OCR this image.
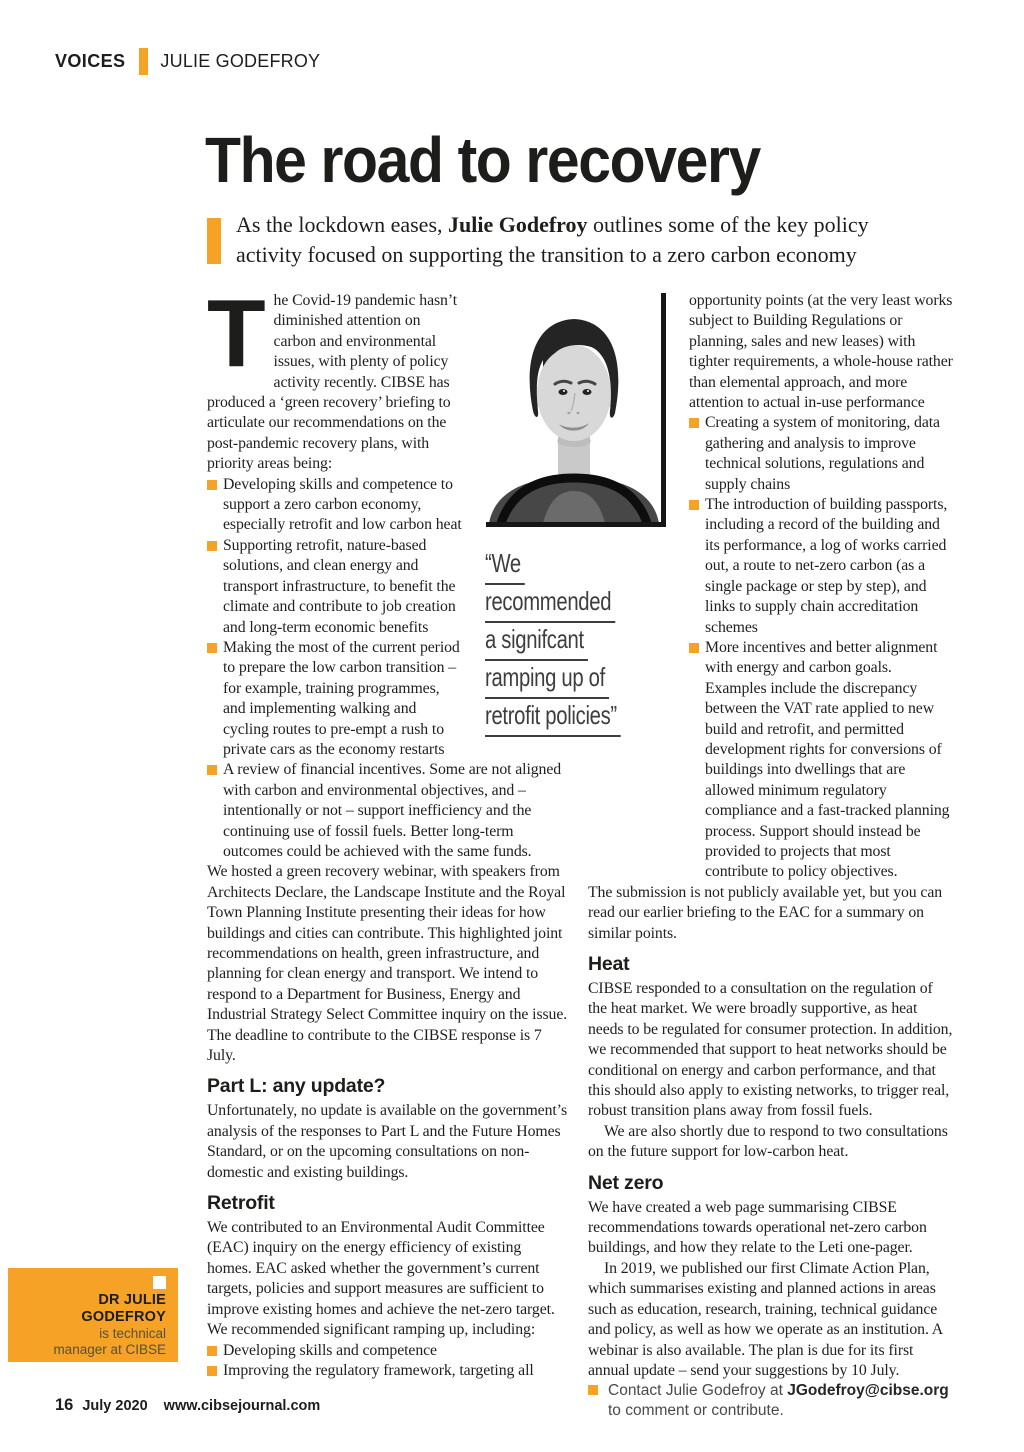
VOICES JULIE GODEFROY
The road to recovery

As the lockdown eases, Julie Godefroy outlines some of the key policy activity focused on supporting the transition to a zero carbon economy

“We
recommended
a signifcant
ramping up of
retrofit policies”

The Covid-19 pandemic hasn’t diminished attention on carbon and environmental issues, with plenty of policy activity recently. CIBSE has produced a ‘green recovery’ briefing to articulate our recommendations on the post-pandemic recovery plans, with priority areas being:

Developing skills and competence to support a zero carbon economy, especially retrofit and low carbon heat
Supporting retrofit, nature-based solutions, and clean energy and transport infrastructure, to benefit the climate and contribute to job creation and long-term economic benefits
Making the most of the current period to prepare the low carbon transition – for example, training programmes, and implementing walking and cycling routes to pre-empt a rush to private cars as the economy restarts
A review of financial incentives. Some are not aligned with carbon and environmental objectives, and – intentionally or not – support inefficiency and the continuing use of fossil fuels. Better long-term outcomes could be achieved with the same funds.

We hosted a green recovery webinar, with speakers from Architects Declare, the Landscape Institute and the Royal Town Planning Institute presenting their ideas for how buildings and cities can contribute. This highlighted joint recommendations on health, green infrastructure, and planning for clean energy and transport. We intend to respond to a Department for Business, Energy and Industrial Strategy Select Committee inquiry on the issue. The deadline to contribute to the CIBSE response is 7 July.

Part L: any update?

Unfortunately, no update is available on the government’s analysis of the responses to Part L and the Future Homes Standard, or on the upcoming consultations on non-domestic and existing buildings.

Retrofit

We contributed to an Environmental Audit Committee (EAC) inquiry on the energy efficiency of existing homes. EAC asked whether the government’s current targets, policies and support measures are sufficient to improve existing homes and achieve the net-zero target. We recommended significant ramping up, including:

Developing skills and competence
Improving the regulatory framework, targeting all

opportunity points (at the very least works subject to Building Regulations or planning, sales and new leases) with tighter requirements, a whole-house rather than elemental approach, and more attention to actual in-use performance

Creating a system of monitoring, data gathering and analysis to improve technical solutions, regulations and supply chains
The introduction of building passports, including a record of the building and its performance, a log of works carried out, a route to net-zero carbon (as a single package or step by step), and links to supply chain accreditation schemes
More incentives and better alignment with energy and carbon goals. Examples include the discrepancy between the VAT rate applied to new build and retrofit, and permitted development rights for conversions of buildings into dwellings that are allowed minimum regulatory compliance and a fast-tracked planning process. Support should instead be provided to projects that most contribute to policy objectives.

The submission is not publicly available yet, but you can read our earlier briefing to the EAC for a summary on similar points.

Heat

CIBSE responded to a consultation on the regulation of the heat market. We were broadly supportive, as heat needs to be regulated for consumer protection. In addition, we recommended that support to heat networks should be conditional on energy and carbon performance, and that this should also apply to existing networks, to trigger real, robust transition plans away from fossil fuels.

We are also shortly due to respond to two consultations on the future support for low-carbon heat.

Net zero

We have created a web page summarising CIBSE recommendations towards operational net-zero carbon buildings, and how they relate to the Leti one-pager.

In 2019, we published our first Climate Action Plan, which summarises existing and planned actions in areas such as education, research, training, technical guidance and policy, as well as how we operate as an institution. A webinar is also available. The plan is due for its first annual update – send your suggestions by 10 July.

Contact Julie Godefroy at JGodefroy@cibse.org to comment or contribute.

DR JULIE
GODEFROY

is technical
manager at CIBSE

16 July 2020 www.cibsejournal.com
